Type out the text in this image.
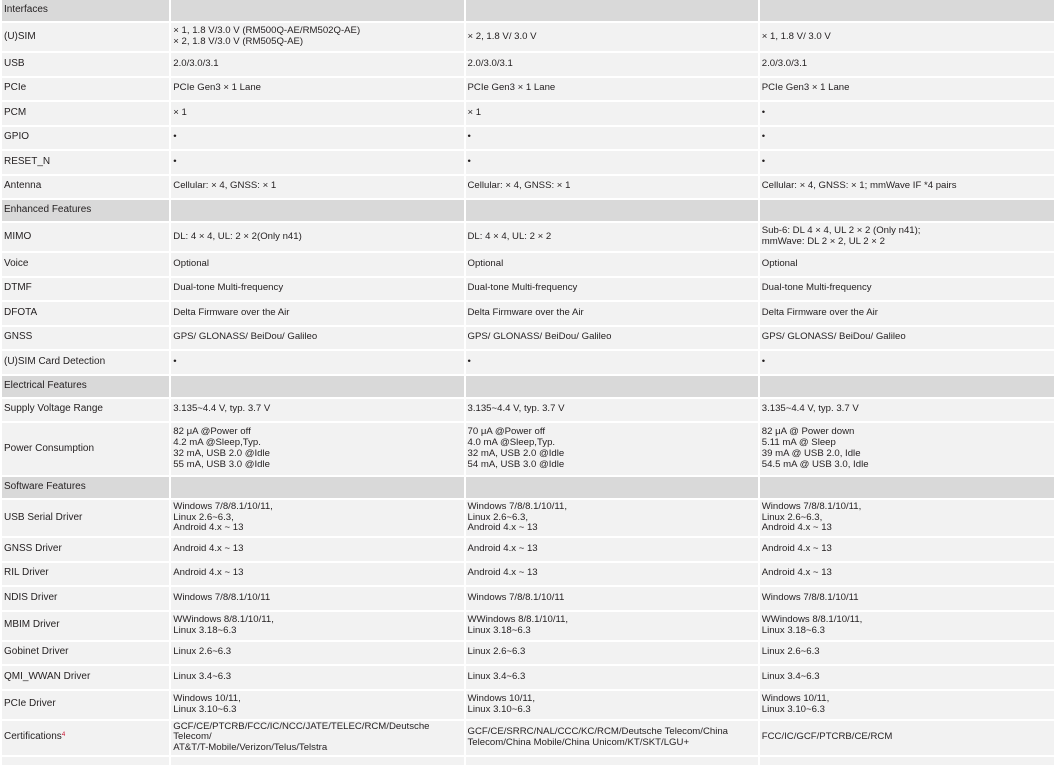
Interfaces			
(U)SIM	× 1, 1.8 V/3.0 V (RM500Q-AE/RM502Q-AE)
× 2, 1.8 V/3.0 V (RM505Q-AE)	× 2, 1.8 V/ 3.0 V	× 1, 1.8 V/ 3.0 V
USB	2.0/3.0/3.1	2.0/3.0/3.1	2.0/3.0/3.1
PCIe	PCIe Gen3 × 1 Lane	PCIe Gen3 × 1 Lane	PCIe Gen3 × 1 Lane
PCM	× 1	× 1	•
GPIO	•	•	•
RESET_N	•	•	•
Antenna	Cellular: × 4, GNSS: × 1	Cellular: × 4, GNSS: × 1	Cellular: × 4, GNSS: × 1; mmWave IF *4 pairs
Enhanced Features			
MIMO	DL: 4 × 4, UL: 2 × 2(Only n41)	DL: 4 × 4, UL: 2 × 2	Sub-6: DL 4 × 4, UL 2 × 2 (Only n41);
mmWave: DL 2 × 2, UL 2 × 2
Voice	Optional	Optional	Optional
DTMF	Dual-tone Multi-frequency	Dual-tone Multi-frequency	Dual-tone Multi-frequency
DFOTA	Delta Firmware over the Air	Delta Firmware over the Air	Delta Firmware over the Air
GNSS	GPS/ GLONASS/ BeiDou/ Galileo	GPS/ GLONASS/ BeiDou/ Galileo	GPS/ GLONASS/ BeiDou/ Galileo
(U)SIM Card Detection	•	•	•
Electrical Features			
Supply Voltage Range	3.135~4.4 V, typ. 3.7 V	3.135~4.4 V, typ. 3.7 V	3.135~4.4 V, typ. 3.7 V
Power Consumption	82 μA @Power off
4.2 mA @Sleep,Typ.
32 mA, USB 2.0 @Idle
55 mA, USB 3.0 @Idle	70 μA @Power off
4.0 mA @Sleep,Typ.
32 mA, USB 2.0 @Idle
54 mA, USB 3.0 @Idle	82 μA @ Power down
5.11 mA @ Sleep
39 mA @ USB 2.0, Idle
54.5 mA @ USB 3.0, Idle
Software Features			
USB Serial Driver	Windows 7/8/8.1/10/11,
Linux 2.6~6.3,
Android 4.x ~ 13	Windows 7/8/8.1/10/11,
Linux 2.6~6.3,
Android 4.x ~ 13	Windows 7/8/8.1/10/11,
Linux 2.6~6.3,
Android 4.x ~ 13
GNSS Driver	Android 4.x ~ 13	Android 4.x ~ 13	Android 4.x ~ 13
RIL Driver	Android 4.x ~ 13	Android 4.x ~ 13	Android 4.x ~ 13
NDIS Driver	Windows 7/8/8.1/10/11	Windows 7/8/8.1/10/11	Windows 7/8/8.1/10/11
MBIM Driver	WWindows 8/8.1/10/11,
Linux 3.18~6.3	WWindows 8/8.1/10/11,
Linux 3.18~6.3	WWindows 8/8.1/10/11,
Linux 3.18~6.3
Gobinet Driver	Linux 2.6~6.3	Linux 2.6~6.3	Linux 2.6~6.3
QMI_WWAN Driver	Linux 3.4~6.3	Linux 3.4~6.3	Linux 3.4~6.3
PCIe Driver	Windows 10/11,
Linux 3.10~6.3	Windows 10/11,
Linux 3.10~6.3	Windows 10/11,
Linux 3.10~6.3
Certifications$^4$	GCF/CE/PTCRB/FCC/IC/NCC/JATE/TELEC/RCM/Deutsche Telecom/
AT&T/T-Mobile/Verizon/Telus/Telstra	GCF/CE/SRRC/NAL/CCC/KC/RCM/Deutsche Telecom/China
Telecom/China Mobile/China Unicom/KT/SKT/LGU+	FCC/IC/GCF/PTCRB/CE/RCM
